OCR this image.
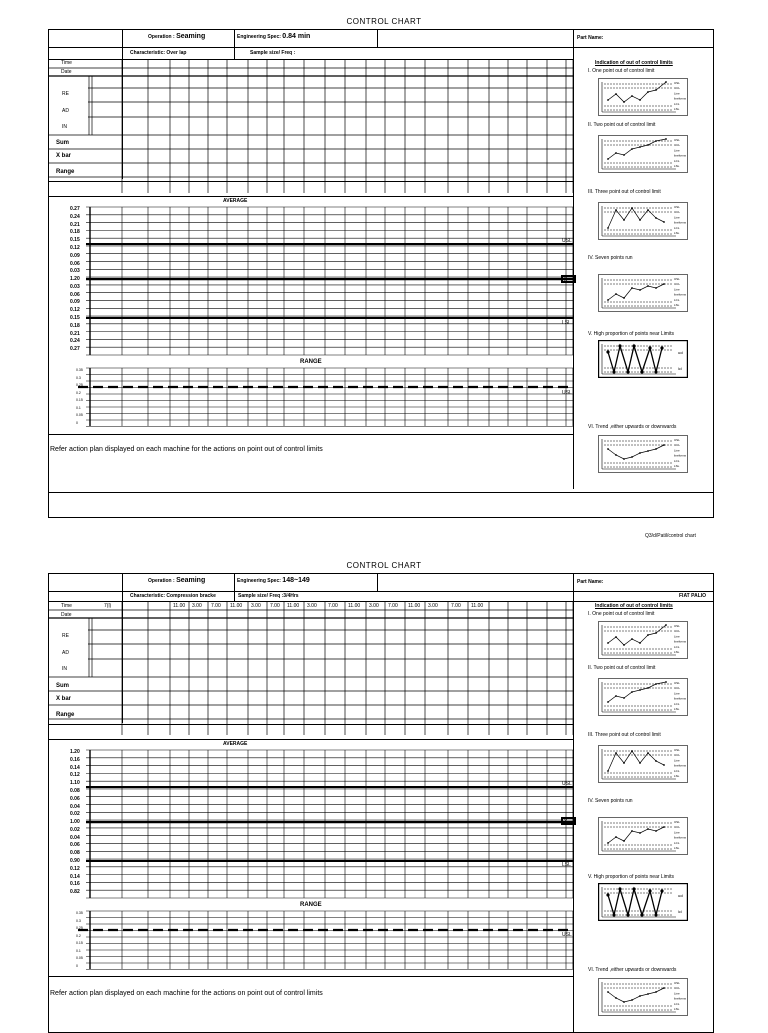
CONTROL CHART
Operation : Seaming	Engineering Spec: 0.84 min	Part Name:
Characteristic: Over lap	Sample size/ Freq :
Time
Date
RE
AD
IN
Sum
X bar
Range
AVERAGE
0.27
0.24
0.21
0.18
0.15
0.12
0.09
0.06
0.03
1.20
0.03
0.06
0.09
0.12
0.15
0.18
0.21
0.24
0.27
USL
X
LSL
RANGE
0.35
0.3
0.25
0.2
0.15
0.1
0.05
0
USL
Refer action plan displayed on each machine for the actions on point out of control limits
Indication of out of control limits
I. One point out of control limit
USL
UCL
Line
lineItems
LCL
LSL
II. Two point out of control limit
USL
UCL
Line
lineItems
LCL
LSL
III. Three point out of control limit
USL
UCL
Line
lineItems
LCL
LSL
IV. Seven points run
USL
UCL
Line
lineItems
LCL
LSL
V. High proportion of points near Limits
ucl
lcl
VI. Trend ,either upwards or downwards
USL
UCL
Line
lineItems
LCL
LSL
Q3/d/Patil/control chart
CONTROL CHART
Operation : Seaming	Engineering Spec: 148~149	Part Name:
Characteristic: Compression bracke	Sample size/ Freq :3/4Hrs	FIAT PALIO
Time	7(l)	11.00 3.00 7.00 11.00 3.00 7.00 11.00 3.00 7.00 11.00 3.00 7.00 11.00 3.00	7.00 11.00
Date
RE
AD
IN
Sum
X bar
Range
AVERAGE
1.20
0.16
0.14
0.12
1.10
0.08
0.06
0.04
0.02
1.00
0.02
0.04
0.06
0.08
0.90
0.12
0.14
0.16
0.82
USL
X
LSL
RANGE
0.35
0.3
0.25
0.2
0.15
0.1
0.05
0
USL
Refer action plan displayed on each machine for the actions on point out of control limits
Indication of out of control limits
I. One point out of control limit
USL
UCL
Line
lineItems
LCL
LSL
II. Two point out of control limit
USL
UCL
Line
lineItems
LCL
LSL
III. Three point out of control limit
USL
UCL
Line
lineItems
LCL
LSL
IV. Seven points run
USL
UCL
Line
lineItems
LCL
LSL
V. High proportion of points near Limits
ucl
lcl
VI. Trend ,either upwards or downwards
USL
UCL
Line
lineItems
LCL
LSL
